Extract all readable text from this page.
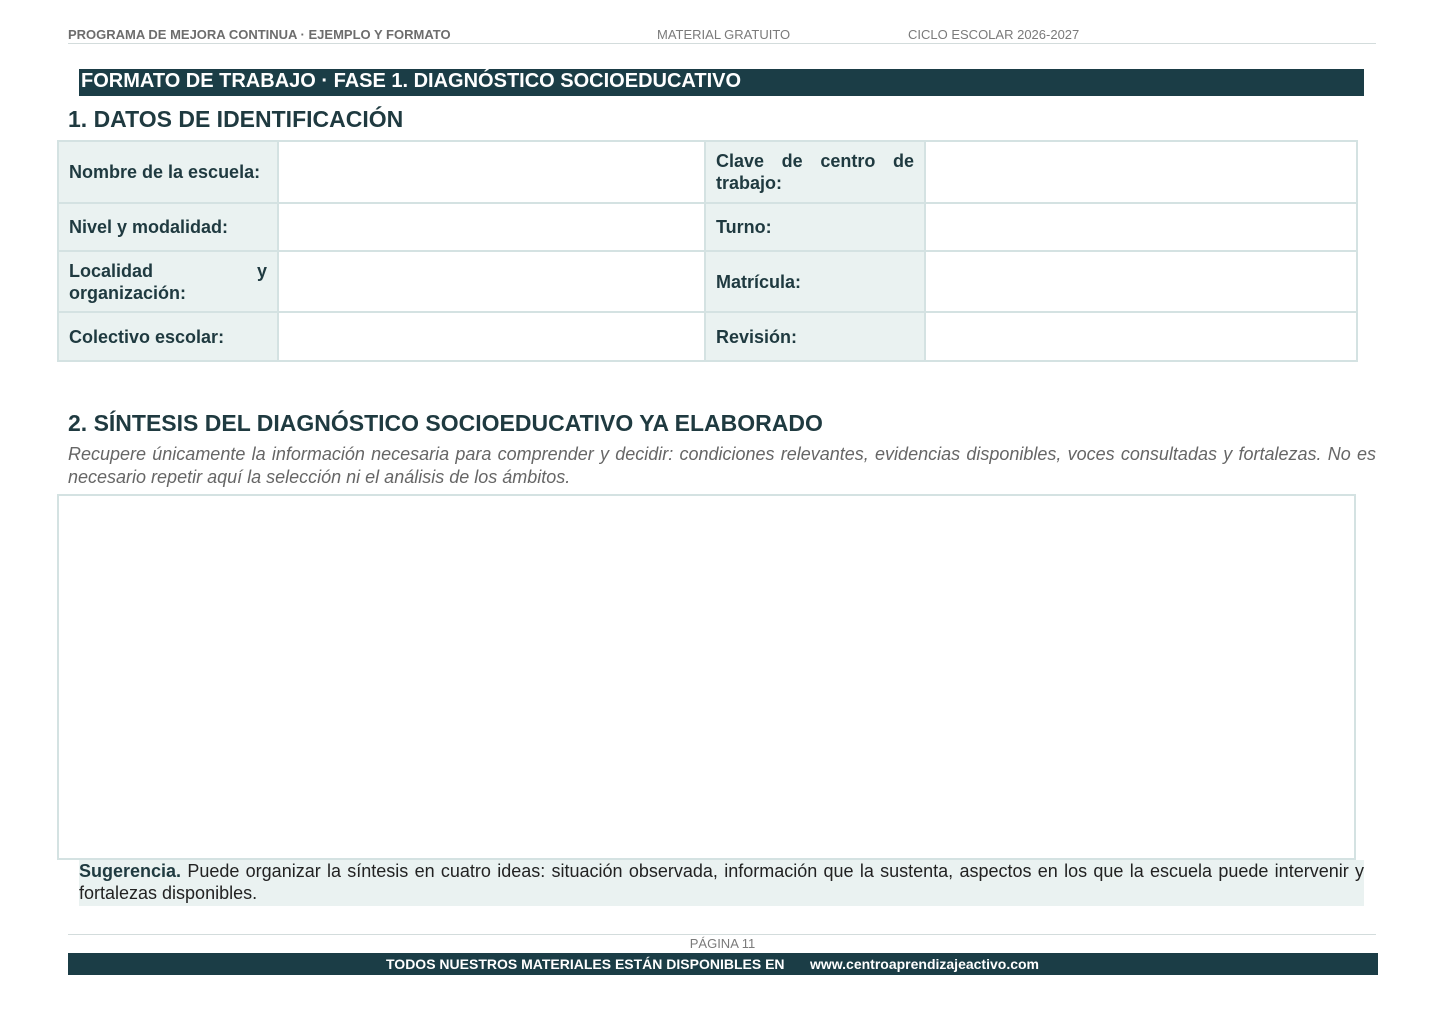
PROGRAMA DE MEJORA CONTINUA · EJEMPLO Y FORMATO	MATERIAL GRATUITO	CICLO ESCOLAR 2026-2027
FORMATO DE TRABAJO · FASE 1. DIAGNÓSTICO SOCIOEDUCATIVO
1. DATOS DE IDENTIFICACIÓN
Nombre de la escuela:		Clave de centro de trabajo:	
Nivel y modalidad:		Turno:	
Localidad y organización:		Matrícula:	
Colectivo escolar:		Revisión:	
2. SÍNTESIS DEL DIAGNÓSTICO SOCIOEDUCATIVO YA ELABORADO
Recupere únicamente la información necesaria para comprender y decidir: condiciones relevantes, evidencias disponibles, voces consultadas y fortalezas. No es necesario repetir aquí la selección ni el análisis de los ámbitos.
Sugerencia. Puede organizar la síntesis en cuatro ideas: situación observada, información que la sustenta, aspectos en los que la escuela puede intervenir y fortalezas disponibles.
PÁGINA 11
TODOS NUESTROS MATERIALES ESTÁN DISPONIBLES EN www.centroaprendizajeactivo.com
